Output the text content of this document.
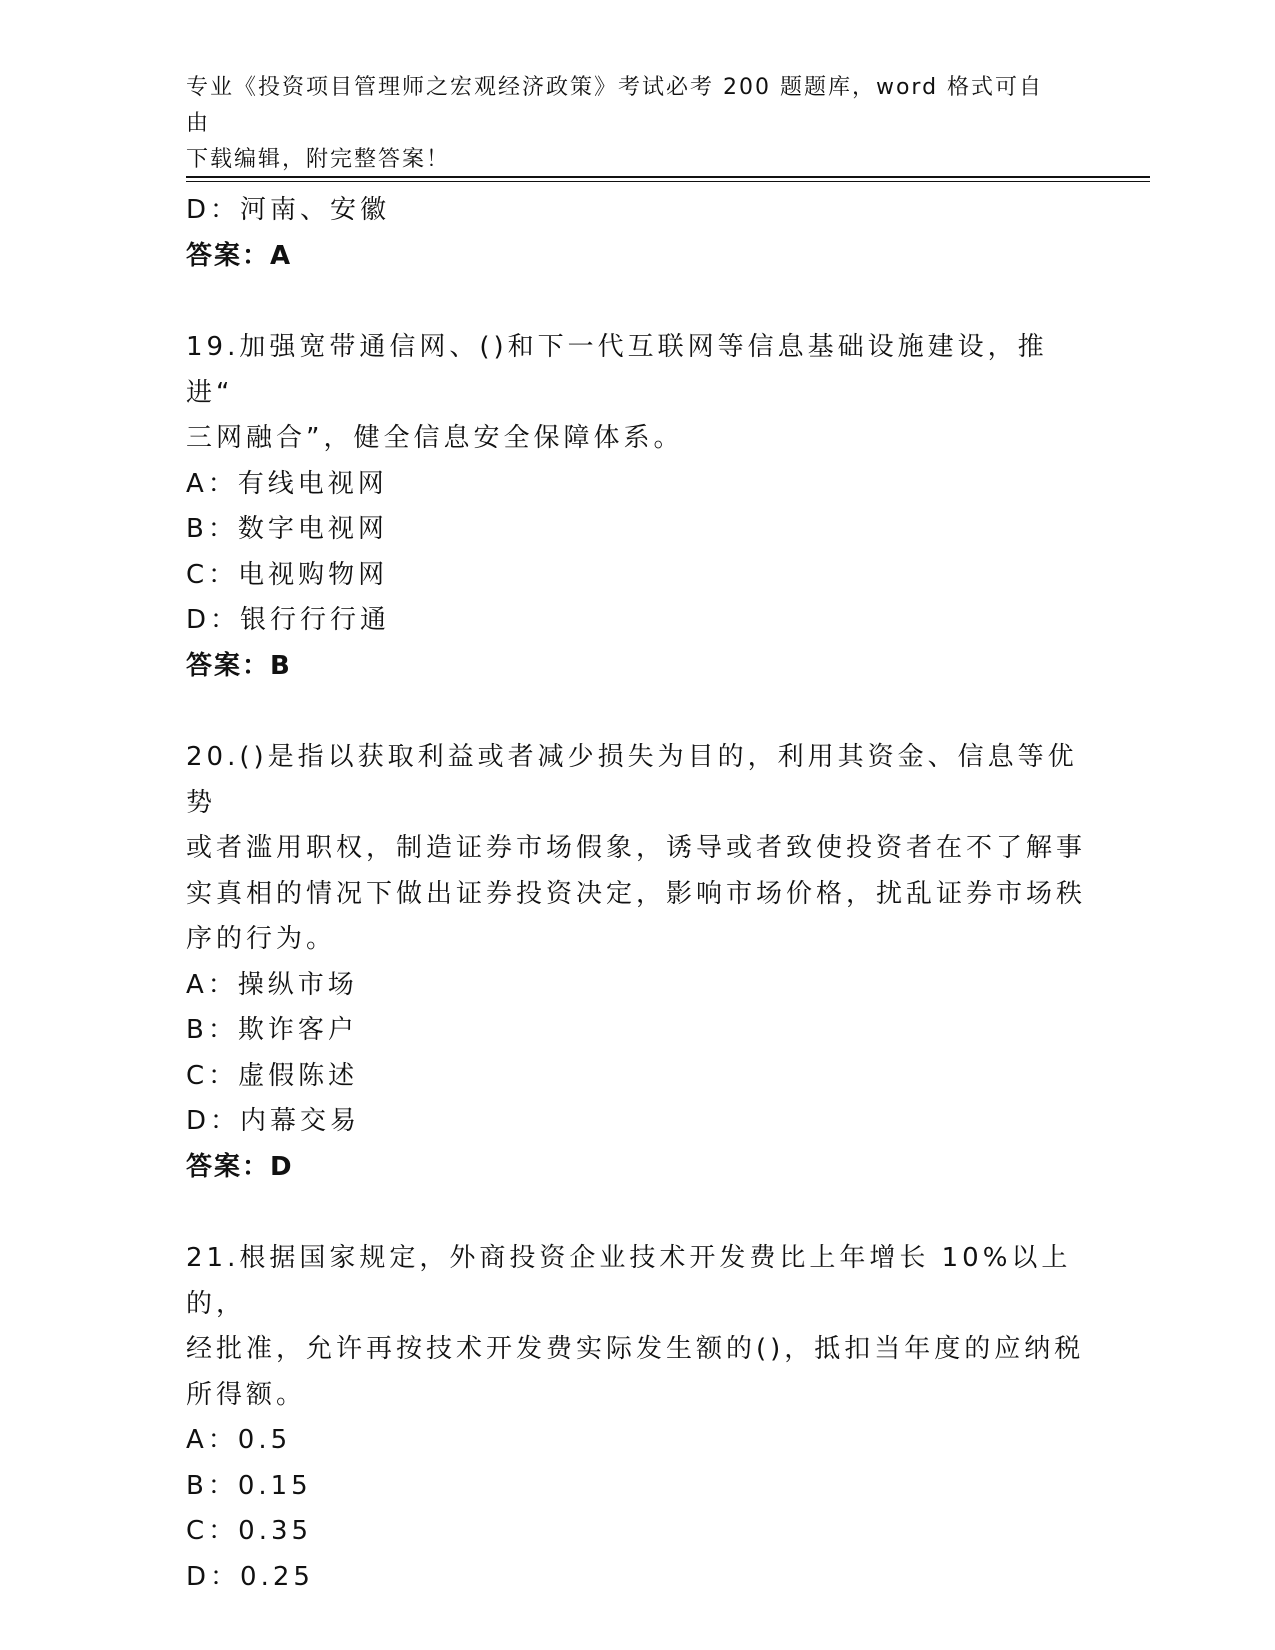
专业《投资项目管理师之宏观经济政策》考试必考 200 题题库，word 格式可自由
下载编辑，附完整答案！
D：河南、安徽
答案：A
19.加强宽带通信网、()和下一代互联网等信息基础设施建设，推进“
三网融合”，健全信息安全保障体系。
A：有线电视网
B：数字电视网
C：电视购物网
D：银行行行通
答案：B
20.()是指以获取利益或者减少损失为目的，利用其资金、信息等优势
或者滥用职权，制造证券市场假象，诱导或者致使投资者在不了解事
实真相的情况下做出证券投资决定，影响市场价格，扰乱证券市场秩
序的行为。
A：操纵市场
B：欺诈客户
C：虚假陈述
D：内幕交易
答案：D
21.根据国家规定，外商投资企业技术开发费比上年增长 10%以上的，
经批准，允许再按技术开发费实际发生额的()，抵扣当年度的应纳税
所得额。
A：0.5
B：0.15
C：0.35
D：0.25
